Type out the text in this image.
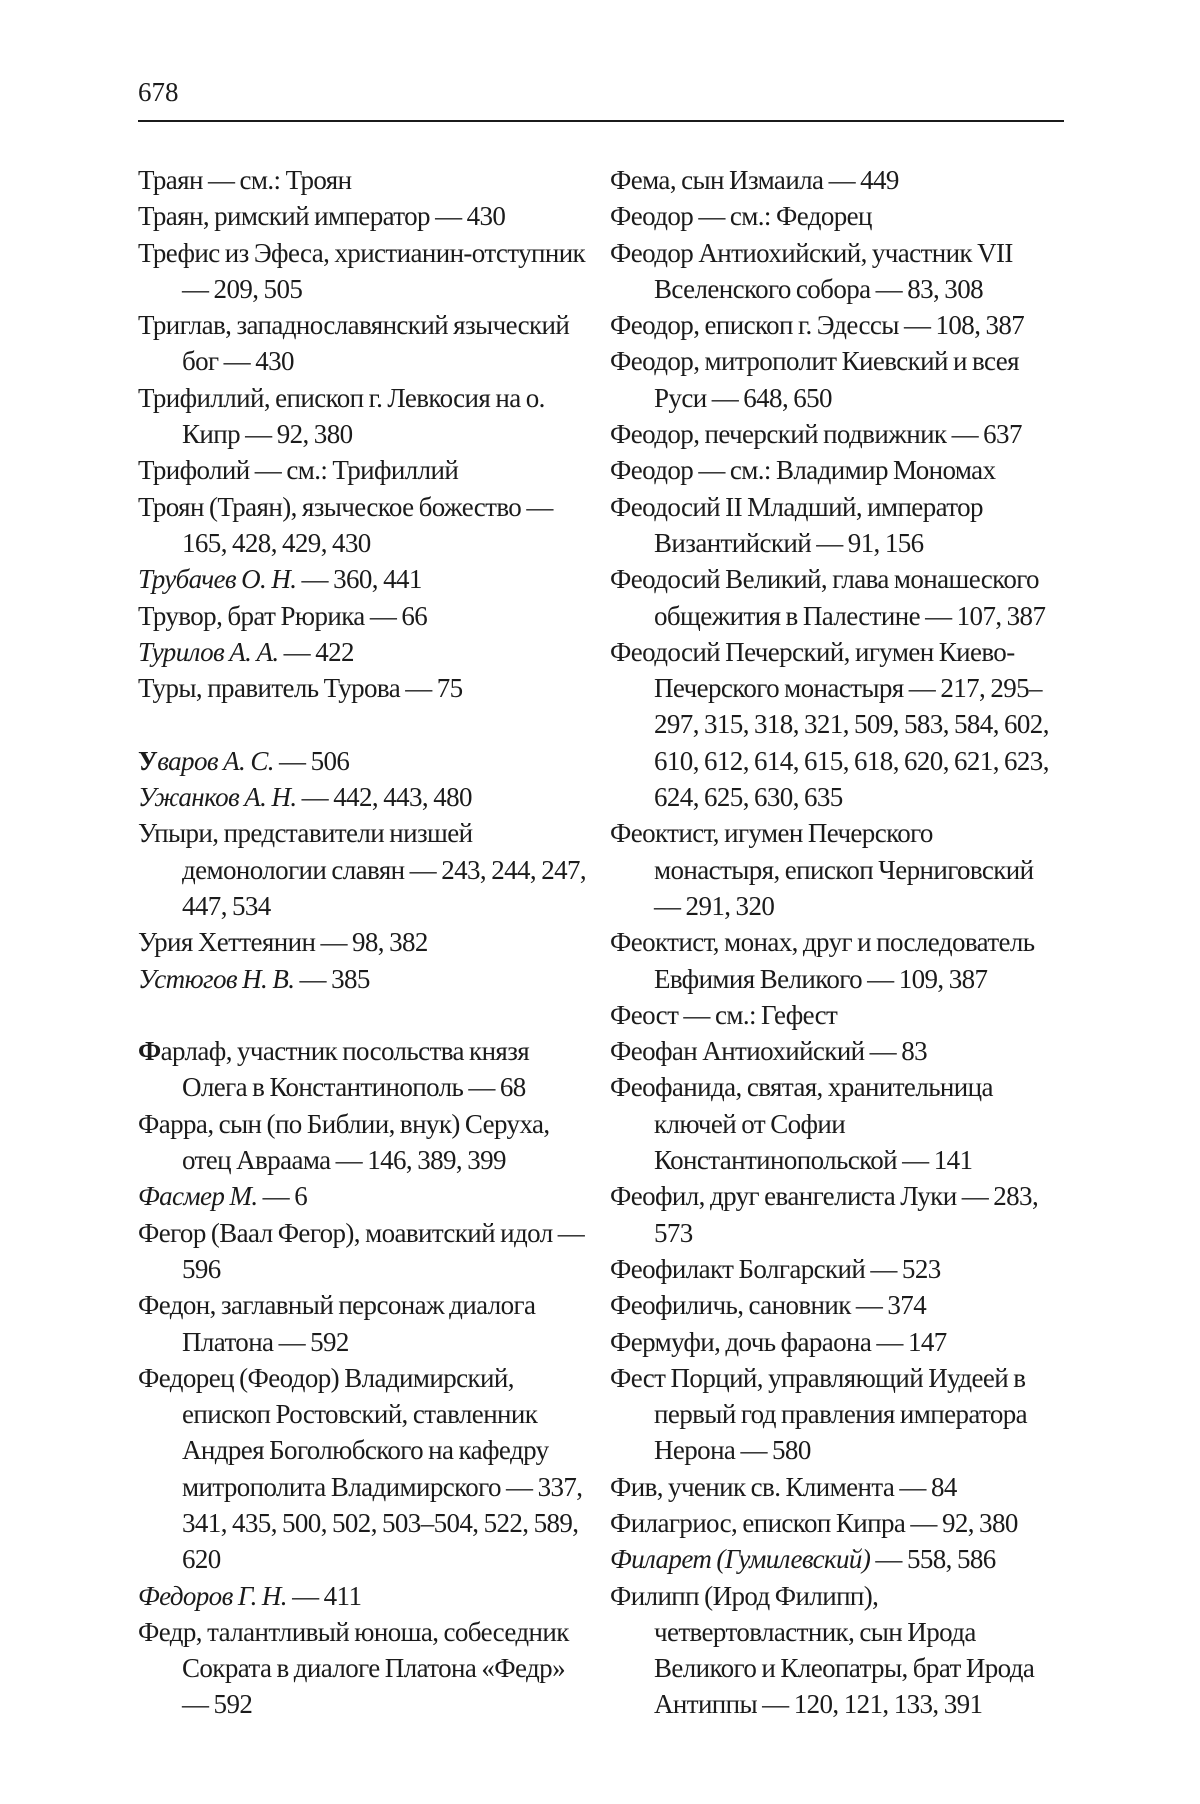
678
Траян — см.: Троян
Траян, римский император — 430
Трефис из Эфеса, христианин-отступник — 209, 505
Триглав, западнославянский языческий бог — 430
Трифиллий, епископ г. Левкосия на о. Кипр — 92, 380
Трифолий — см.: Трифиллий
Троян (Траян), языческое божество — 165, 428, 429, 430
Трубачев О. Н. — 360, 441
Трувор, брат Рюрика — 66
Турилов А. А. — 422
Туры, правитель Турова — 75
Уваров А. С. — 506
Ужанков А. Н. — 442, 443, 480
Упыри, представители низшей демонологии славян — 243, 244, 247, 447, 534
Урия Хеттеянин — 98, 382
Устюгов Н. В. — 385
Фарлаф, участник посольства князя Олега в Константинополь — 68
Фарра, сын (по Библии, внук) Серуха, отец Авраама — 146, 389, 399
Фасмер М. — 6
Фегор (Ваал Фегор), моавитский идол — 596
Федон, заглавный персонаж диалога Платона — 592
Федорец (Феодор) Владимирский, епископ Ростовский, ставленник Андрея Боголюбского на кафедру митрополита Владимирского — 337, 341, 435, 500, 502, 503–504, 522, 589, 620
Федоров Г. Н. — 411
Федр, талантливый юноша, собеседник Сократа в диалоге Платона «Федр» — 592
Фема, сын Измаила — 449
Феодор — см.: Федорец
Феодор Антиохийский, участник VII Вселенского собора — 83, 308
Феодор, епископ г. Эдессы — 108, 387
Феодор, митрополит Киевский и всея Руси — 648, 650
Феодор, печерский подвижник — 637
Феодор — см.: Владимир Мономах
Феодосий II Младший, император Византийский — 91, 156
Феодосий Великий, глава монашеского общежития в Палестине — 107, 387
Феодосий Печерский, игумен Киево-Печерского монастыря — 217, 295–297, 315, 318, 321, 509, 583, 584, 602, 610, 612, 614, 615, 618, 620, 621, 623, 624, 625, 630, 635
Феоктист, игумен Печерского монастыря, епископ Черниговский — 291, 320
Феоктист, монах, друг и последователь Евфимия Великого — 109, 387
Феост — см.: Гефест
Феофан Антиохийский — 83
Феофанида, святая, хранительница ключей от Софии Константинопольской — 141
Феофил, друг евангелиста Луки — 283, 573
Феофилакт Болгарский — 523
Феофиличь, сановник — 374
Фермуфи, дочь фараона — 147
Фест Порций, управляющий Иудеей в первый год правления императора Нерона — 580
Фив, ученик св. Климента — 84
Филагриос, епископ Кипра — 92, 380
Филарет (Гумилевский) — 558, 586
Филипп (Ирод Филипп), четвертовластник, сын Ирода Великого и Клеопатры, брат Ирода Антиппы — 120, 121, 133, 391
